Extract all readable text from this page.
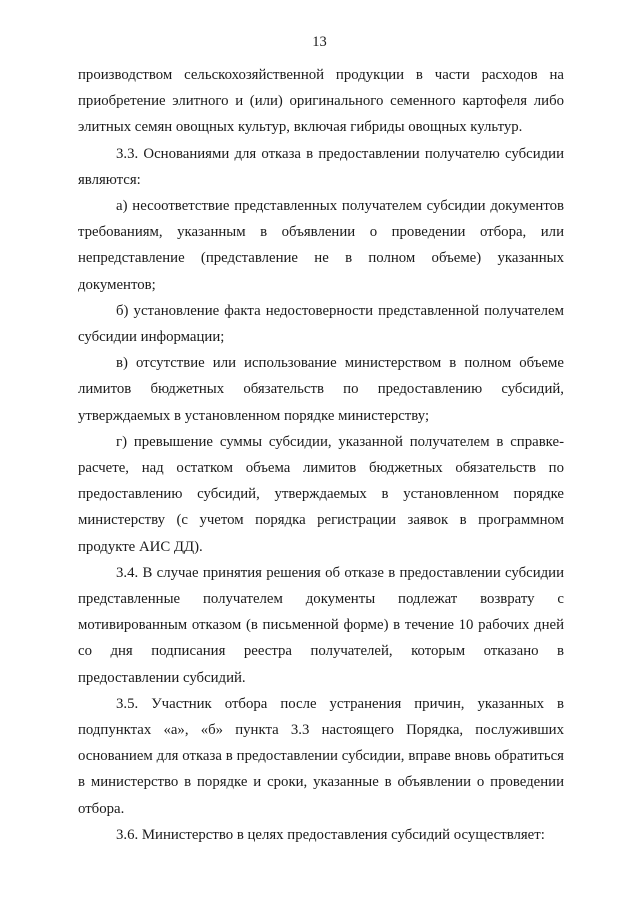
13

производством сельскохозяйственной продукции в части расходов на приобретение элитного и (или) оригинального семенного картофеля либо элитных семян овощных культур, включая гибриды овощных культур.

3.3. Основаниями для отказа в предоставлении получателю субсидии являются:

а) несоответствие представленных получателем субсидии документов требованиям, указанным в объявлении о проведении отбора, или непредставление (представление не в полном объеме) указанных документов;

б) установление факта недостоверности представленной получателем субсидии информации;

в) отсутствие или использование министерством в полном объеме лимитов бюджетных обязательств по предоставлению субсидий, утверждаемых в установленном порядке министерству;

г) превышение суммы субсидии, указанной получателем в справке-расчете, над остатком объема лимитов бюджетных обязательств по предоставлению субсидий, утверждаемых в установленном порядке министерству (с учетом порядка регистрации заявок в программном продукте АИС ДД).

3.4. В случае принятия решения об отказе в предоставлении субсидии представленные получателем документы подлежат возврату с мотивированным отказом (в письменной форме) в течение 10 рабочих дней со дня подписания реестра получателей, которым отказано в предоставлении субсидий.

3.5. Участник отбора после устранения причин, указанных в подпунктах «а», «б» пункта 3.3 настоящего Порядка, послуживших основанием для отказа в предоставлении субсидии, вправе вновь обратиться в министерство в порядке и сроки, указанные в объявлении о проведении отбора.

3.6. Министерство в целях предоставления субсидий осуществляет:
